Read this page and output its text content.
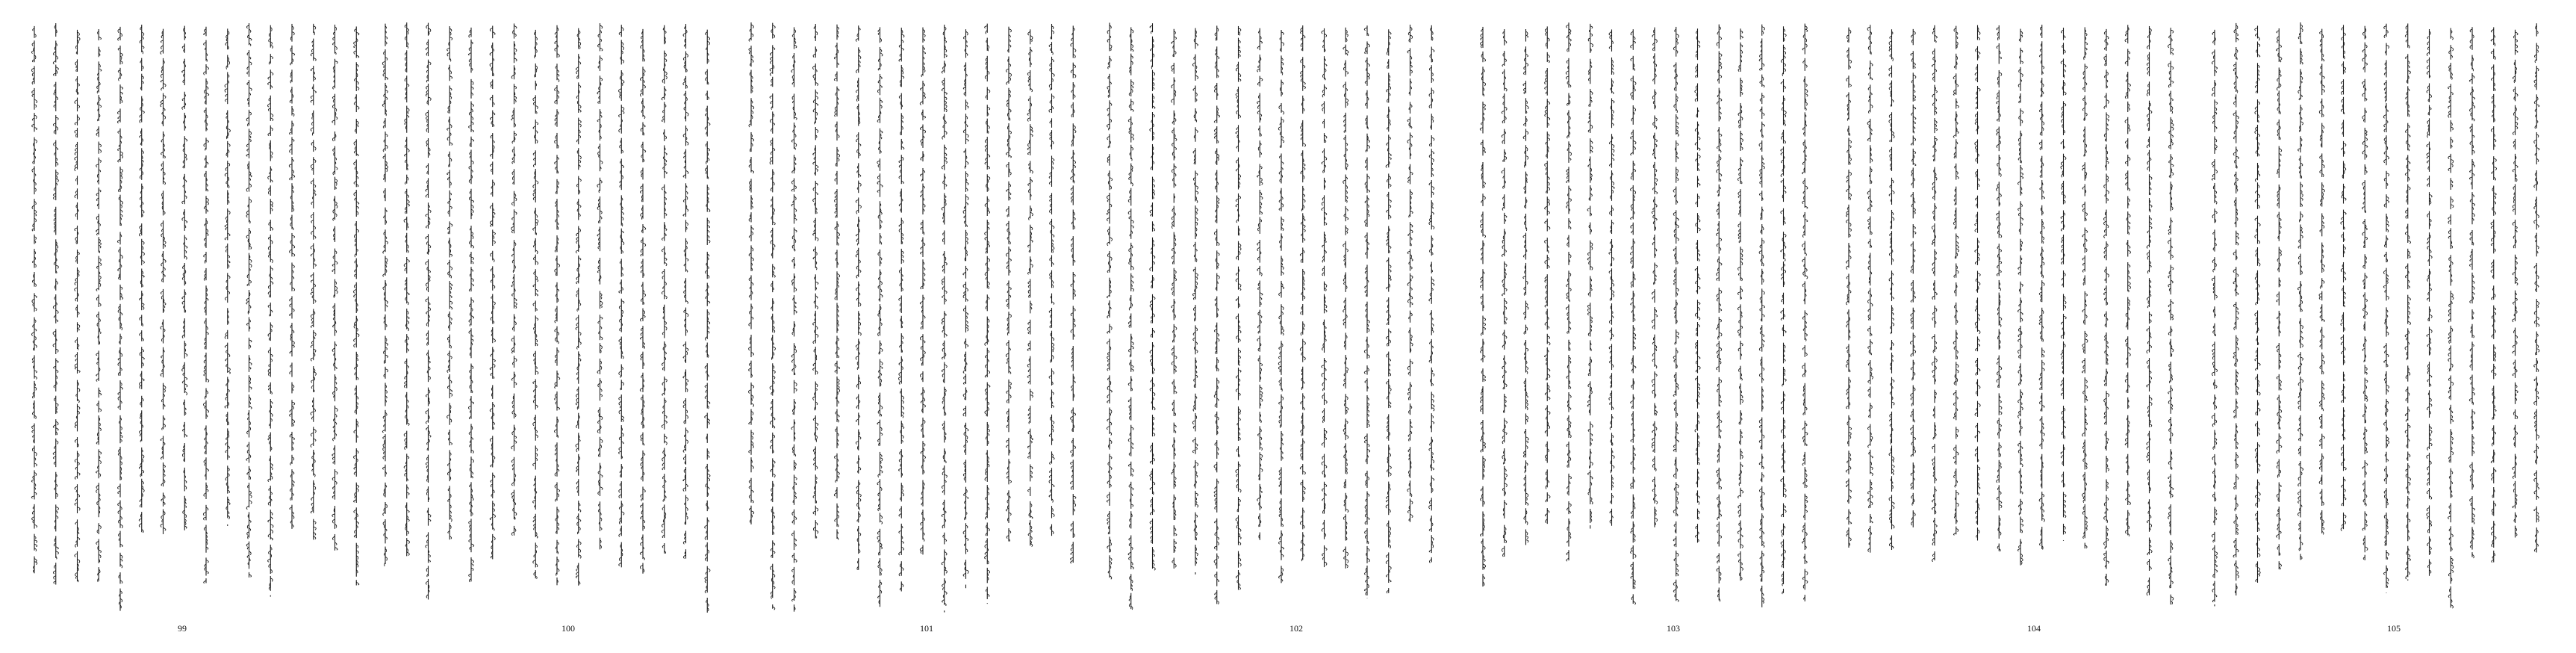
99	100	101	102	103	104	105
